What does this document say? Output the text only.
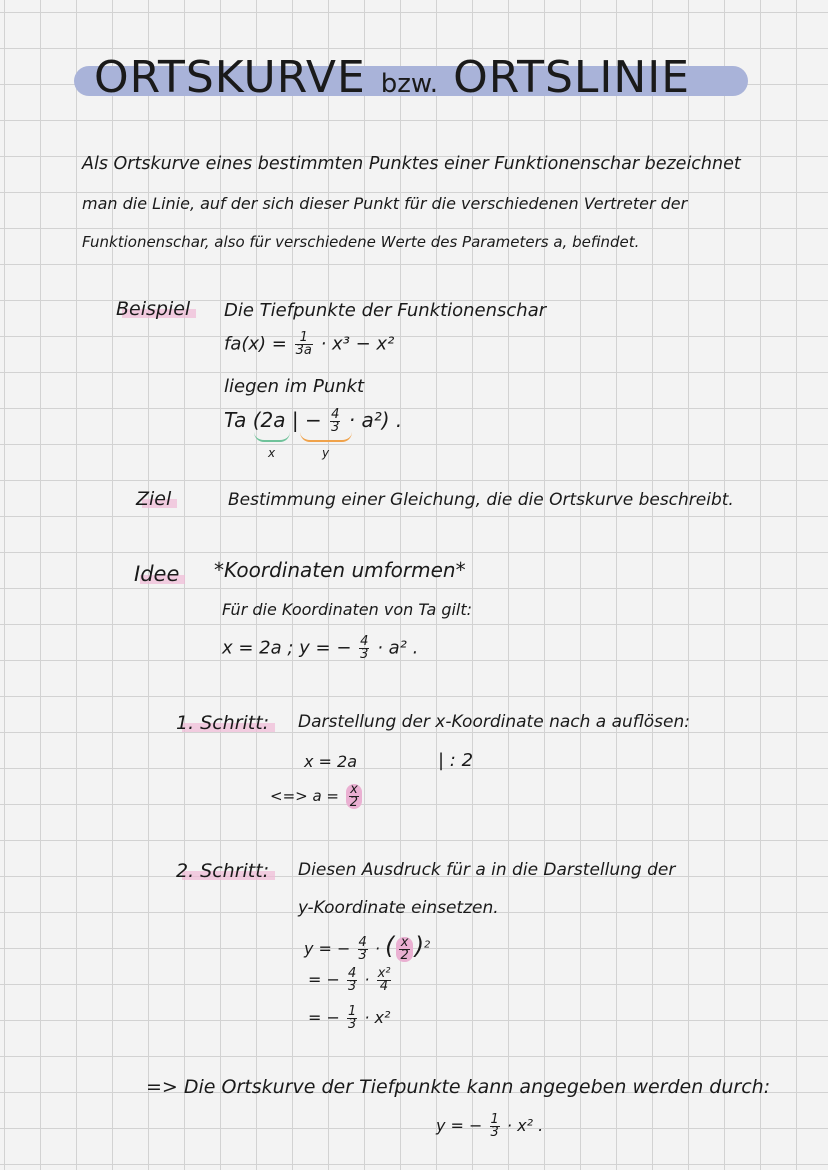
ORTSKURVE bzw. ORTSLINIE
Als Ortskurve eines bestimmten Punktes einer Funktionenschar bezeichnet
man die Linie, auf der sich dieser Punkt für die verschiedenen Vertreter der
Funktionenschar, also für verschiedene Werte des Parameters a, befindet.
Beispiel Die Tiefpunkte der Funktionenschar
$fa(x) = \frac{1}{3a} \cdot x^3 - x^2$
liegen im Punkt
Ta (2a | − $\frac{4}{3} \cdot a^2$) .
x	y
Ziel	Bestimmung einer Gleichung, die die Ortskurve beschreibt.
Idee *Koordinaten umformen*
Für die Koordinaten von Ta gilt:
x = 2a ; y = − $\frac{4}{3} \cdot a^2$ .
1. Schritt: Darstellung der x-Koordinate nach a auflösen:
x = 2a	| : 2
<=> $a = \frac{x}{2}$
2. Schritt: Diesen Ausdruck für a in die Darstellung der
y-Koordinate einsetzen.
y = − $\frac{4}{3}$ · ( $\frac{x}{2} )^2$
= − $\frac{4}{3} \cdot \frac{\text{x²}}{4}$
= − $\frac{1}{3} \cdot x^2$
=> Die Ortskurve der Tiefpunkte kann angegeben werden durch:
y = − $\frac{1}{3} \cdot x^2$ .
